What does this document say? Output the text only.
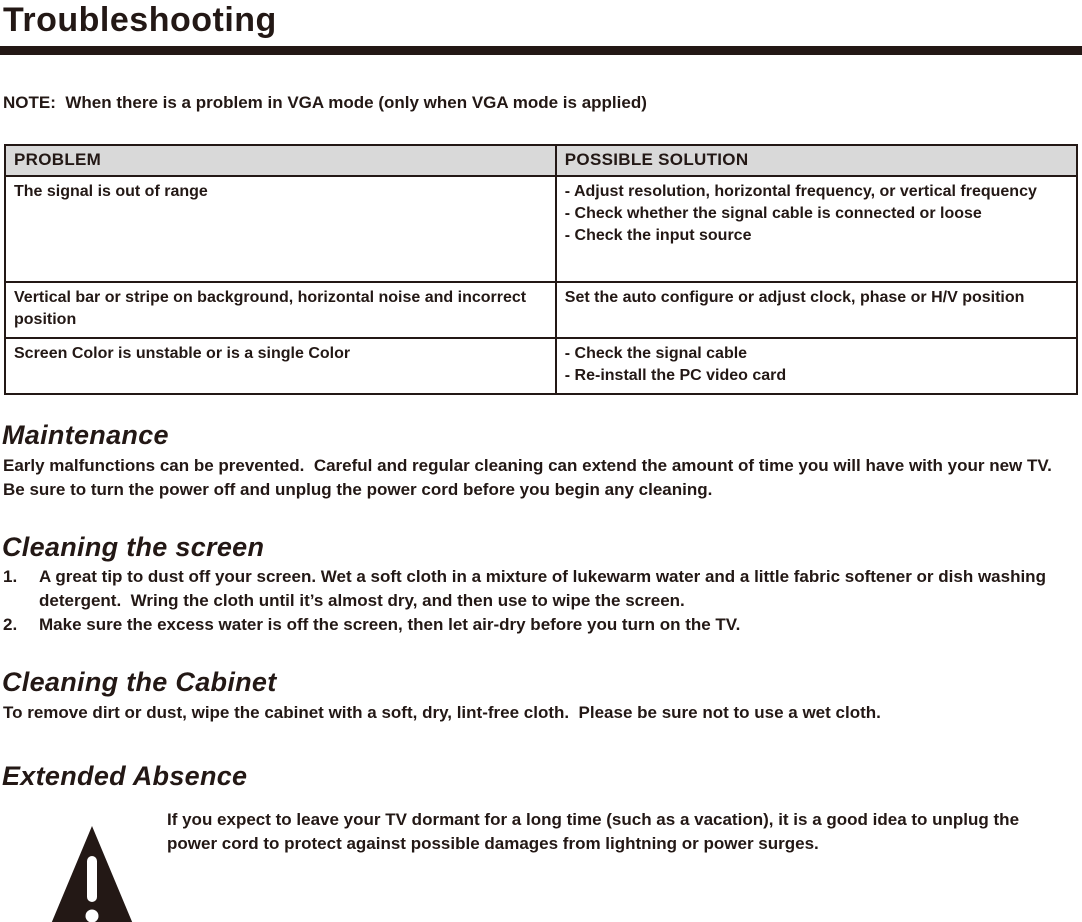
Troubleshooting
NOTE:  When there is a problem in VGA mode (only when VGA mode is applied)
PROBLEM	POSSIBLE SOLUTION
The signal is out of range	- Adjust resolution, horizontal frequency, or vertical frequency
- Check whether the signal cable is connected or loose
- Check the input source

Vertical bar or stripe on background, horizontal noise and incorrect position	Set the auto configure or adjust clock, phase or H/V position

Screen Color is unstable or is a single Color	- Check the signal cable
- Re-install the PC video card
Maintenance

Early malfunctions can be prevented.  Careful and regular cleaning can extend the amount of time you will have with your new TV.  Be sure to turn the power off and unplug the power cord before you begin any cleaning.

Cleaning the screen
1.	A great tip to dust off your screen. Wet a soft cloth in a mixture of lukewarm water and a little fabric softener or dish washing detergent.  Wring the cloth until it’s almost dry, and then use to wipe the screen.
2.	Make sure the excess water is off the screen, then let air-dry before you turn on the TV.
Cleaning the Cabinet

To remove dirt or dust, wipe the cabinet with a soft, dry, lint-free cloth.  Please be sure not to use a wet cloth.

Extended Absence
If you expect to leave your TV dormant for a long time (such as a vacation), it is a good idea to unplug the power cord to protect against possible damages from lightning or power surges.
